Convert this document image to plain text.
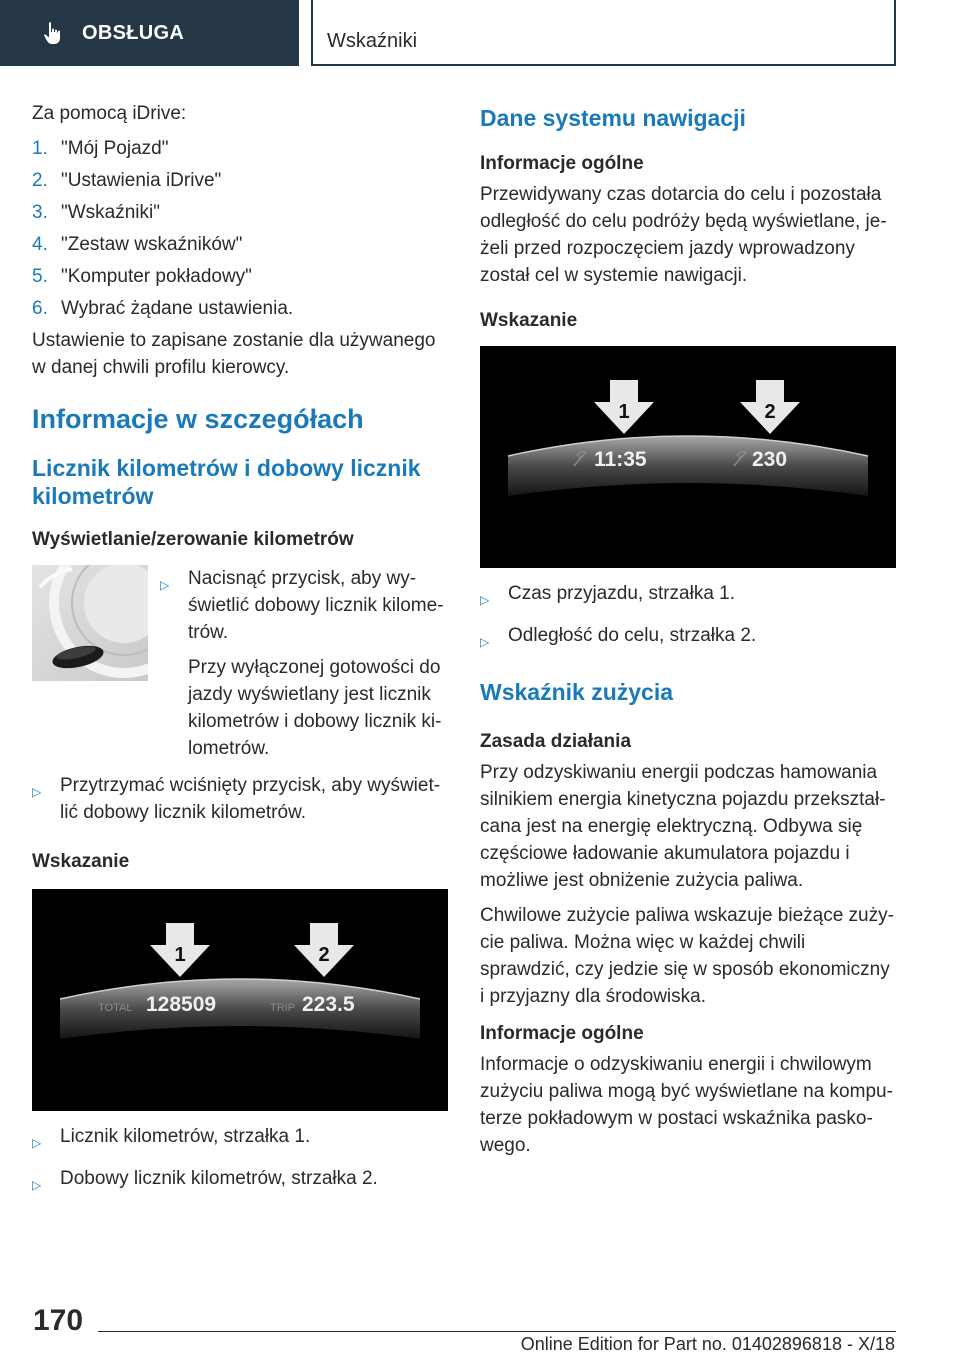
OBSŁUGA	Wskaźniki

Za pomocą iDrive:

1. "Mój Pojazd"
2. "Ustawienia iDrive"
3. "Wskaźniki"
4. "Zestaw wskaźników"
5. "Komputer pokładowy"
6. Wybrać żądane ustawienia.

Ustawienie to zapisane zostanie dla używanego w danej chwili profilu kierowcy.

Informacje w szczegółach
Licznik kilometrów i dobowy licznik kilometrów
Wyświetlanie/zerowanie kilometrów
▷ Nacisnąć przycisk, aby wyświetlić dobowy licznik kilometrów.
Przy wyłączonej gotowości do jazdy wyświetlany jest licznik kilometrów i dobowy licznik kilometrów.
▷ Przytrzymać wciśnięty przycisk, aby wyświetlić dobowy licznik kilometrów.
Wskazanie
1	2
TOTAL 128509	TRIP 223.5
▷ Licznik kilometrów, strzałka 1.
▷ Dobowy licznik kilometrów, strzałka 2.
Dane systemu nawigacji
Informacje ogólne

Przewidywany czas dotarcia do celu i pozostała odległość do celu podróży będą wyświetlane, jeżeli przed rozpoczęciem jazdy wprowadzony został cel w systemie nawigacji.

Wskazanie
1	2
11:35	230
▷ Czas przyjazdu, strzałka 1.
▷ Odległość do celu, strzałka 2.
Wskaźnik zużycia
Zasada działania

Przy odzyskiwaniu energii podczas hamowania silnikiem energia kinetyczna pojazdu przekształcana jest na energię elektryczną. Odbywa się częściowe ładowanie akumulatora pojazdu i możliwe jest obniżenie zużycia paliwa.

Chwilowe zużycie paliwa wskazuje bieżące zużycie paliwa. Można więc w każdej chwili sprawdzić, czy jedzie się w sposób ekonomiczny i przyjazny dla środowiska.

Informacje ogólne

Informacje o odzyskiwaniu energii i chwilowym zużyciu paliwa mogą być wyświetlane na komputerze pokładowym w postaci wskaźnika paskowego.

170
Online Edition for Part no. 01402896818 - X/18
